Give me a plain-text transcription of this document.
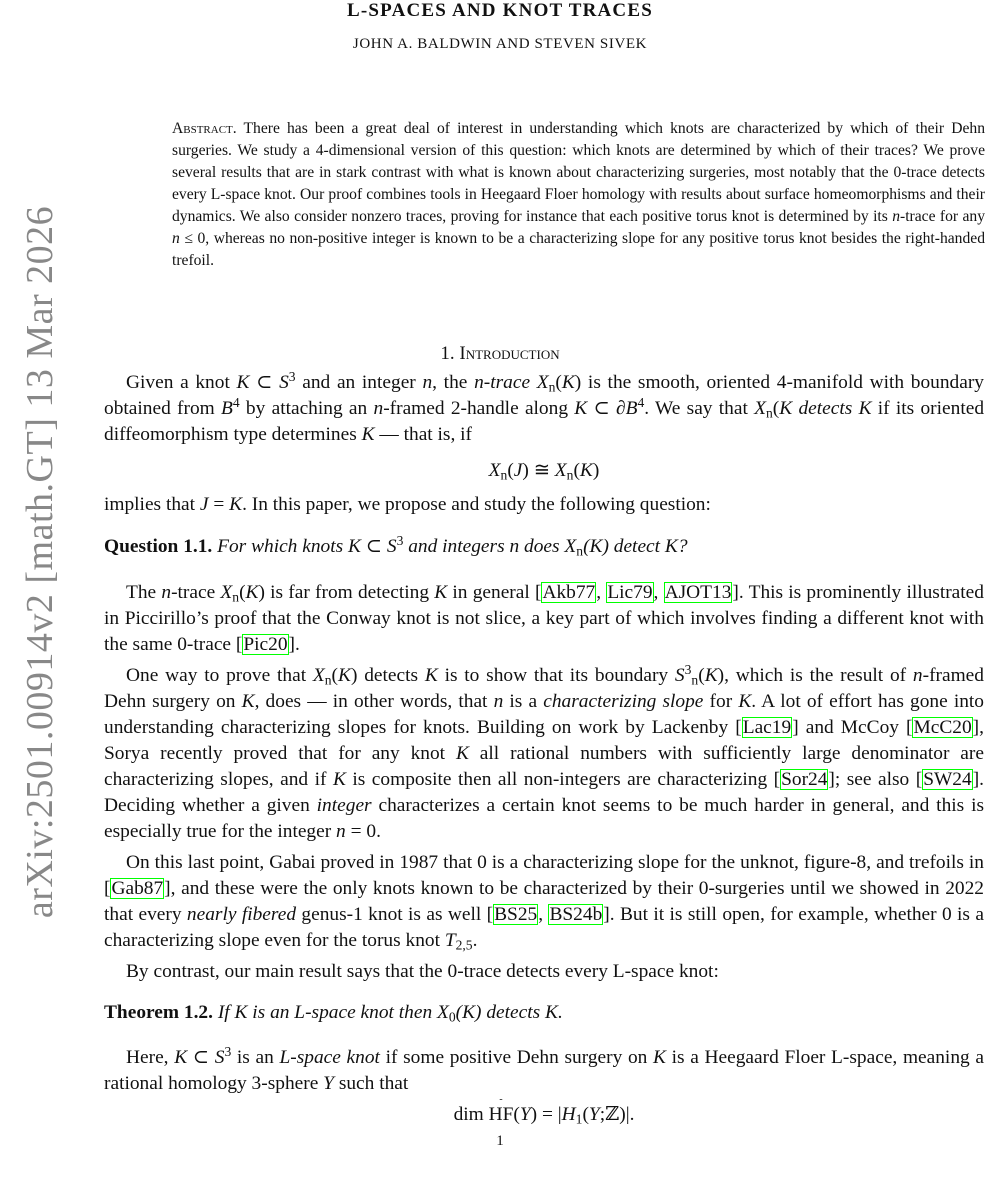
arXiv:2501.00914v2 [math.GT] 13 Mar 2026
L-SPACES AND KNOT TRACES
JOHN A. BALDWIN AND STEVEN SIVEK
Abstract. There has been a great deal of interest in understanding which knots are characterized by which of their Dehn surgeries. We study a 4-dimensional version of this question: which knots are determined by which of their traces? We prove several results that are in stark contrast with what is known about characterizing surgeries, most notably that the 0-trace detects every L-space knot. Our proof combines tools in Heegaard Floer homology with results about surface homeomorphisms and their dynamics. We also consider nonzero traces, proving for instance that each positive torus knot is determined by its n-trace for any n ≤ 0, whereas no non-positive integer is known to be a characterizing slope for any positive torus knot besides the right-handed trefoil.
1. Introduction
Given a knot K ⊂ $S^3$ and an integer n, the n-trace $X_n(K)$ is the smooth, oriented 4-manifold with boundary obtained from $B^4$ by attaching an n-framed 2-handle along K ⊂ $\partial B^4$. We say that $X_n(K$ detects K if its oriented diffeomorphism type determines K — that is, if
$X_n(J)$ ≅ $X_n(K)$
implies that J = K. In this paper, we propose and study the following question:
Question 1.1. For which knots K ⊂ $S^3$ and integers n does $X_n(K)$ detect K?
The n-trace $X_n(K)$ is far from detecting K in general [Akb77, Lic79, AJOT13]. This is prominently illustrated in Piccirillo’s proof that the Conway knot is not slice, a key part of which involves finding a different knot with the same 0-trace [Pic20].
One way to prove that $X_n(K)$ detects K is to show that its boundary $S^3_n(K)$, which is the result of n-framed Dehn surgery on K, does — in other words, that n is a characterizing slope for K. A lot of effort has gone into understanding characterizing slopes for knots. Building on work by Lackenby [Lac19] and McCoy [McC20], Sorya recently proved that for any knot K all rational numbers with sufficiently large denominator are characterizing slopes, and if K is composite then all non-integers are characterizing [Sor24]; see also [SW24]. Deciding whether a given integer characterizes a certain knot seems to be much harder in general, and this is especially true for the integer n = 0.
On this last point, Gabai proved in 1987 that 0 is a characterizing slope for the unknot, figure-8, and trefoils in [Gab87], and these were the only knots known to be characterized by their 0-surgeries until we showed in 2022 that every nearly fibered genus-1 knot is as well [BS25, BS24b]. But it is still open, for example, whether 0 is a characterizing slope even for the torus knot $T_{2,5}$.
By contrast, our main result says that the 0-trace detects every L-space knot:
Theorem 1.2. If K is an L-space knot then $X_0(K)$ detects K.
Here, K ⊂ $S^3$ is an L-space knot if some positive Dehn surgery on K is a Heegaard Floer L-space, meaning a rational homology 3-sphere Y such that
dim $HF(Y) = |H_1(Y;ℤ)|$.
1
